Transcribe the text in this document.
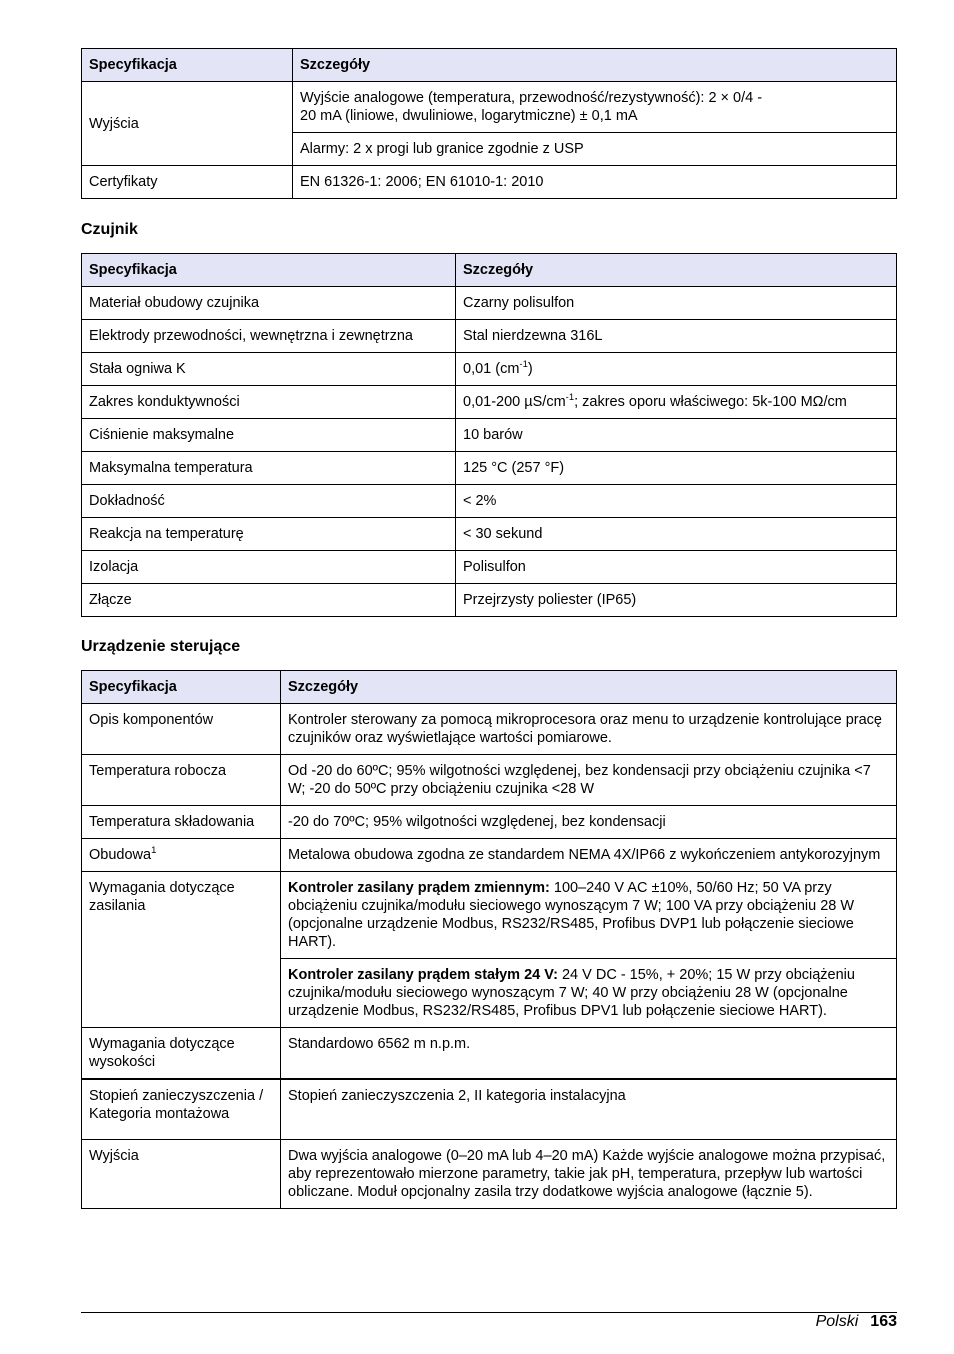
Specyfikacja	Szczegóły
Wyjścia	Wyjście analogowe (temperatura, przewodność/rezystywność): 2 × 0/4 -
20 mA (liniowe, dwuliniowe, logarytmiczne) ± 0,1 mA
	Alarmy: 2 x progi lub granice zgodnie z USP
Certyfikaty	EN 61326-1: 2006; EN 61010-1: 2010
Czujnik
Specyfikacja	Szczegóły
Materiał obudowy czujnika	Czarny polisulfon
Elektrody przewodności, wewnętrzna i zewnętrzna	Stal nierdzewna 316L
Stała ogniwa K	0,01 $(cm^{-1})$
Zakres konduktywności	0,01-200 $\mu S/cm^{-1}$; zakres oporu właściwego: 5k-100 MΩ/cm
Ciśnienie maksymalne	10 barów
Maksymalna temperatura	125 °C (257 °F)
Dokładność	< 2%
Reakcja na temperaturę	< 30 sekund
Izolacja	Polisulfon
Złącze	Przejrzysty poliester (IP65)
Urządzenie sterujące
Specyfikacja	Szczegóły
Opis komponentów	Kontroler sterowany za pomocą mikroprocesora oraz menu to urządzenie kontrolujące pracę czujników oraz wyświetlające wartości pomiarowe.
Temperatura robocza	Od -20 do 60ºC; 95% wilgotności względenej, bez kondensacji przy obciążeniu czujnika <7 W; -20 do 50ºC przy obciążeniu czujnika <28 W
Temperatura składowania	-20 do 70ºC; 95% wilgotności względenej, bez kondensacji
Obudowa$^1$	Metalowa obudowa zgodna ze standardem NEMA 4X/IP66 z wykończeniem antykorozyjnym
Wymagania dotyczące zasilania	Kontroler zasilany prądem zmiennym: 100–240 V AC ±10%, 50/60 Hz; 50 VA przy obciążeniu czujnika/modułu sieciowego wynoszącym 7 W; 100 VA przy obciążeniu 28 W (opcjonalne urządzenie Modbus, RS232/RS485, Profibus DVP1 lub połączenie sieciowe HART).
	Kontroler zasilany prądem stałym 24 V: 24 V DC - 15%, + 20%; 15 W przy obciążeniu czujnika/modułu sieciowego wynoszącym 7 W; 40 W przy obciążeniu 28 W (opcjonalne urządzenie Modbus, RS232/RS485, Profibus DPV1 lub połączenie sieciowe HART).
Wymagania dotyczące wysokości	Standardowo 6562 m n.p.m.
Stopień zanieczyszczenia / Kategoria montażowa	Stopień zanieczyszczenia 2, II kategoria instalacyjna
Wyjścia	Dwa wyjścia analogowe (0–20 mA lub 4–20 mA) Każde wyjście analogowe można przypisać, aby reprezentowało mierzone parametry, takie jak pH, temperatura, przepływ lub wartości obliczane. Moduł opcjonalny zasila trzy dodatkowe wyjścia analogowe (łącznie 5).
Polski 163
